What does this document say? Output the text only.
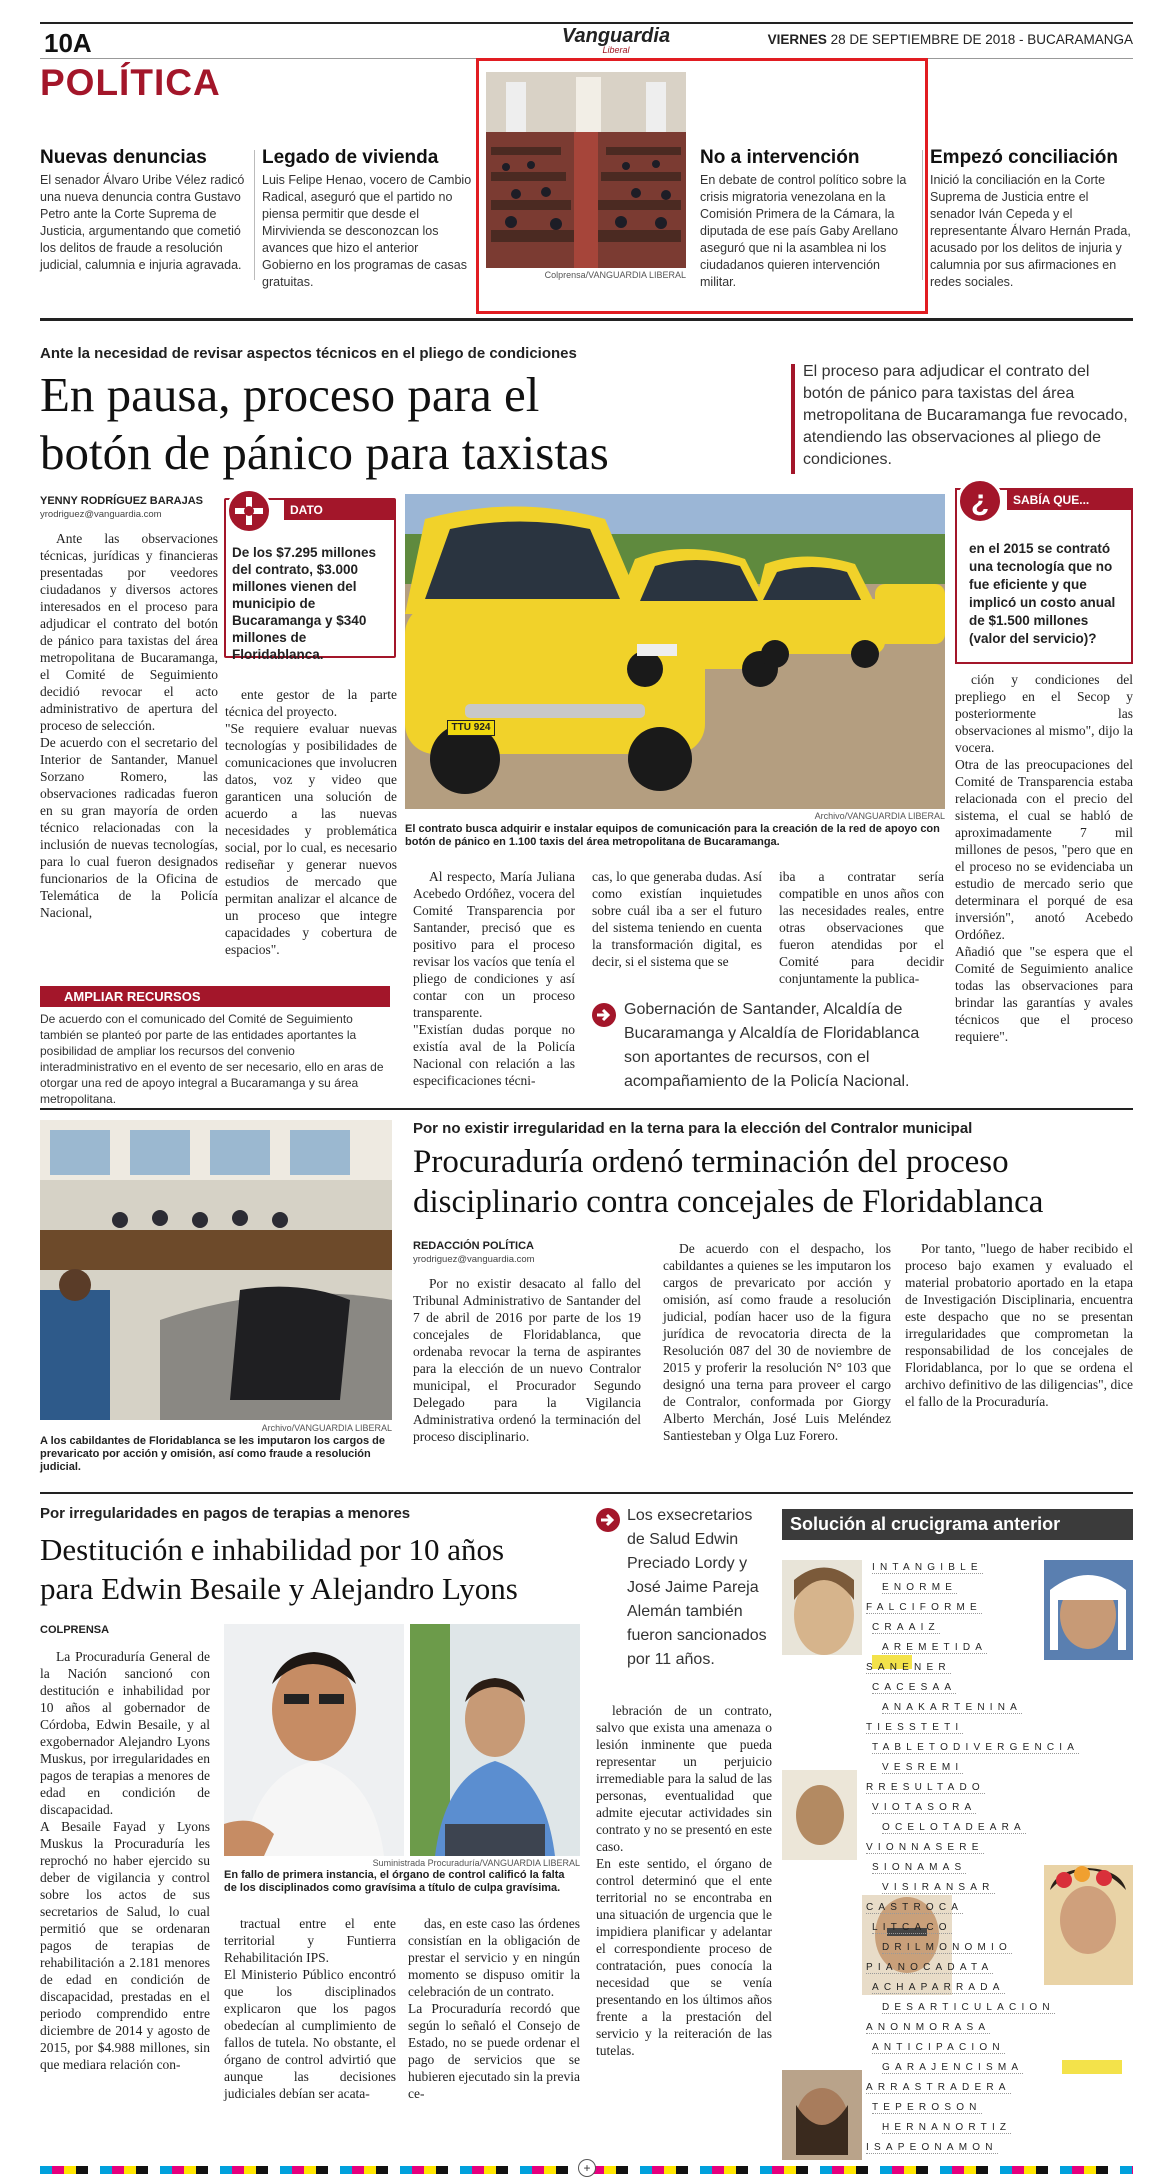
10A	Vanguardia
Liberal
VIERNES 28 DE SEPTIEMBRE DE 2018 - BUCARAMANGA
POLÍTICA
Nuevas denuncias
El senador Álvaro Uribe Vélez radicó una nueva denuncia contra Gustavo Petro ante la Corte Suprema de Justicia, argumentando que cometió los delitos de fraude a resolución judicial, calumnia e injuria agravada.
Legado de vivienda
Luis Felipe Henao, vocero de Cambio Radical, aseguró que el partido no piensa permitir que desde el Mirvivienda se desconozcan los avances que hizo el anterior Gobierno en los programas de casas gratuitas.	Colprensa/VANGUARDIA LIBERAL
No a intervención
En debate de control político sobre la crisis migratoria venezolana en la Comisión Primera de la Cámara, la diputada de ese país Gaby Arellano aseguró que ni la asamblea ni los ciudadanos quieren intervención militar.
Empezó conciliación
Inició la conciliación en la Corte Suprema de Justicia entre el senador Iván Cepeda y el representante Álvaro Hernán Prada, acusado por los delitos de injuria y calumnia por sus afirmaciones en redes sociales.
Ante la necesidad de revisar aspectos técnicos en el pliego de condiciones
En pausa, proceso para el
botón de pánico para taxistas
El proceso para adjudicar el contrato del botón de pánico para taxistas del área metropolitana de Bucaramanga fue revocado, atendiendo las observaciones al pliego de condiciones.
YENNY RODRÍGUEZ BARAJAS
yrodriguez@vanguardia.com
Ante las observaciones técnicas, jurídicas y financieras presentadas por veedores ciudadanos y diversos actores interesados en el proceso para adjudicar el contrato del botón de pánico para taxistas del área metropolitana de Bucaramanga, el Comité de Seguimiento decidió revocar el acto administrativo de apertura del proceso de selección.
De acuerdo con el secretario del Interior de Santander, Manuel Sorzano Romero, las observaciones radicadas fueron en su gran mayoría de orden técnico relacionadas con la inclusión de nuevas tecnologías, para lo cual fueron designados funcionarios de la Oficina de Telemática de la Policía Nacional,
DATO
De los $7.295 millones del contrato, $3.000 millones vienen del municipio de Bucaramanga y $340 millones de Floridablanca.
ente gestor de la parte técnica del proyecto.
"Se requiere evaluar nuevas tecnologías y posibilidades de comunicaciones que involucren datos, voz y video que garanticen una solución de acuerdo a las nuevas necesidades y problemática social, por lo cual, es necesario rediseñar y generar nuevos estudios de mercado que permitan analizar el alcance de un proceso que integre capacidades y cobertura de espacios".
TTU 924
Archivo/VANGUARDIA LIBERAL
El contrato busca adquirir e instalar equipos de comunicación para la creación de la red de apoyo con botón de pánico en 1.100 taxis del área metropolitana de Bucaramanga.
Al respecto, María Juliana Acebedo Ordóñez, vocera del Comité Transparencia por Santander, precisó que es positivo para el proceso revisar los vacíos que tenía el pliego de condiciones y así contar con un proceso transparente.
"Existían dudas porque no existía aval de la Policía Nacional con relación a las especificaciones técni-
cas, lo que generaba dudas. Así como existían inquietudes sobre cuál iba a ser el futuro del sistema teniendo en cuenta la transformación digital, es decir, si el sistema que se
iba a contratar sería compatible en unos años con las necesidades reales, entre otras observaciones que fueron atendidas por el Comité para decidir conjuntamente la publica-
Gobernación de Santander, Alcaldía de Bucaramanga y Alcaldía de Floridablanca son aportantes de recursos, con el acompañamiento de la Policía Nacional.
SABÍA QUE...
en el 2015 se contrató una tecnología que no fue eficiente y que implicó un costo anual de $1.500 millones (valor del servicio)?
¿
ción y condiciones del prepliego en el Secop y posteriormente las observaciones al mismo", dijo la vocera.
Otra de las preocupaciones del Comité de Transparencia estaba relacionada con el precio del sistema, el cual se habló de aproximadamente 7 mil millones de pesos, "pero que en el proceso no se evidenciaba un estudio de mercado serio que determinara el porqué de esa inversión", anotó Acebedo Ordóñez.
Añadió que "se espera que el Comité de Seguimiento analice todas las observaciones para brindar las garantías y avales técnicos que el proceso requiere".
AMPLIAR RECURSOS
De acuerdo con el comunicado del Comité de Seguimiento también se planteó por parte de las entidades aportantes la posibilidad de ampliar los recursos del convenio interadministrativo en el evento de ser necesario, ello en aras de otorgar una red de apoyo integral a Bucaramanga y su área metropolitana.
Archivo/VANGUARDIA LIBERAL
A los cabildantes de Floridablanca se les imputaron los cargos de prevaricato por acción y omisión, así como fraude a resolución judicial.
Por no existir irregularidad en la terna para la elección del Contralor municipal
Procuraduría ordenó terminación del proceso
disciplinario contra concejales de Floridablanca
REDACCIÓN POLÍTICA
yrodriguez@vanguardia.com
Por no existir desacato al fallo del Tribunal Administrativo de Santander del 7 de abril de 2016 por parte de los 19 concejales de Floridablanca, que ordenaba revocar la terna de aspirantes para la elección de un nuevo Contralor municipal, el Procurador Segundo Delegado para la Vigilancia Administrativa ordenó la terminación del proceso disciplinario.
De acuerdo con el despacho, los cabildantes a quienes se les imputaron los cargos de prevaricato por acción y omisión, así como fraude a resolución judicial, podían hacer uso de la figura jurídica de revocatoria directa de la Resolución 087 del 30 de noviembre de 2015 y proferir la resolución N° 103 que designó una terna para proveer el cargo de Contralor, conformada por Giorgy Alberto Merchán, José Luis Meléndez Santiesteban y Olga Luz Forero.
Por tanto, "luego de haber recibido el proceso bajo examen y evaluado el material probatorio aportado en la etapa de Investigación Disciplinaria, encuentra este despacho que no se presentan irregularidades que comprometan la responsabilidad de los concejales de Floridablanca, por lo que se ordena el archivo definitivo de las diligencias", dice el fallo de la Procuraduría.
Por irregularidades en pagos de terapias a menores
Destitución e inhabilidad por 10 años
para Edwin Besaile y Alejandro Lyons
COLPRENSA
La Procuraduría General de la Nación sancionó con destitución e inhabilidad por 10 años al gobernador de Córdoba, Edwin Besaile, y al exgobernador Alejandro Lyons Muskus, por irregularidades en pagos de terapias a menores de edad en condición de discapacidad.
A Besaile Fayad y Lyons Muskus la Procuraduría les reprochó no haber ejercido su deber de vigilancia y control sobre los actos de sus secretarios de Salud, lo cual permitió que se ordenaran pagos de terapias de rehabilitación a 2.181 menores de edad en condición de discapacidad, prestadas en el periodo comprendido entre diciembre de 2014 y agosto de 2015, por $4.988 millones, sin que mediara relación con-
Suministrada Procuraduría/VANGUARDIA LIBERAL
En fallo de primera instancia, el órgano de control calificó la falta de los disciplinados como gravísima a título de culpa gravísima.
tractual entre el ente territorial y Funtierra Rehabilitación IPS.
El Ministerio Público encontró que los disciplinados explicaron que los pagos obedecían al cumplimiento de fallos de tutela. No obstante, el órgano de control advirtió que aunque las decisiones judiciales debían ser acata-
das, en este caso las órdenes consistían en la obligación de prestar el servicio y en ningún momento se dispuso omitir la celebración de un contrato.
La Procuraduría recordó que según lo señaló el Consejo de Estado, no se puede ordenar el pago de servicios que se hubieren ejecutado sin la previa ce-
Los exsecretarios de Salud Edwin Preciado Lordy y José Jaime Pareja Alemán también fueron sancionados por 11 años.
lebración de un contrato, salvo que exista una amenaza o lesión inminente que pueda representar un perjuicio irremediable para la salud de las personas, eventualidad que admite ejecutar actividades sin contrato y no se presentó en este caso.
En este sentido, el órgano de control determinó que el ente territorial no se encontraba en una situación de urgencia que le impidiera planificar y adelantar el correspondiente proceso de contratación, pues conocía la necesidad que se venía presentando en los últimos años frente a la prestación del servicio y la reiteración de las tutelas.
Solución al crucigrama anterior
INTANGIBLE
ENORME
FALCIFORME
CRAAIZ
AREMETIDA
SANENER
CACESAA
ANAKARTENINA
TIESSTETI
TABLETODIVERGENCIA
VESREMI
RRESULTADO
VIOTASORA
OCELOTADEARA
VIONNASERE
SIONAMAS
VISIRANSAR
CASTROCA
LITCACO
DRILMONOMIO
PIANOCADATA
ACHAPARRADA
DESARTICULACION
ANONMORASA
ANTICIPACION
GARAJENCISMA
ARRASTRADERA
TEPEROSON
HERNANORTIZ
ISAPEONAMON
+
